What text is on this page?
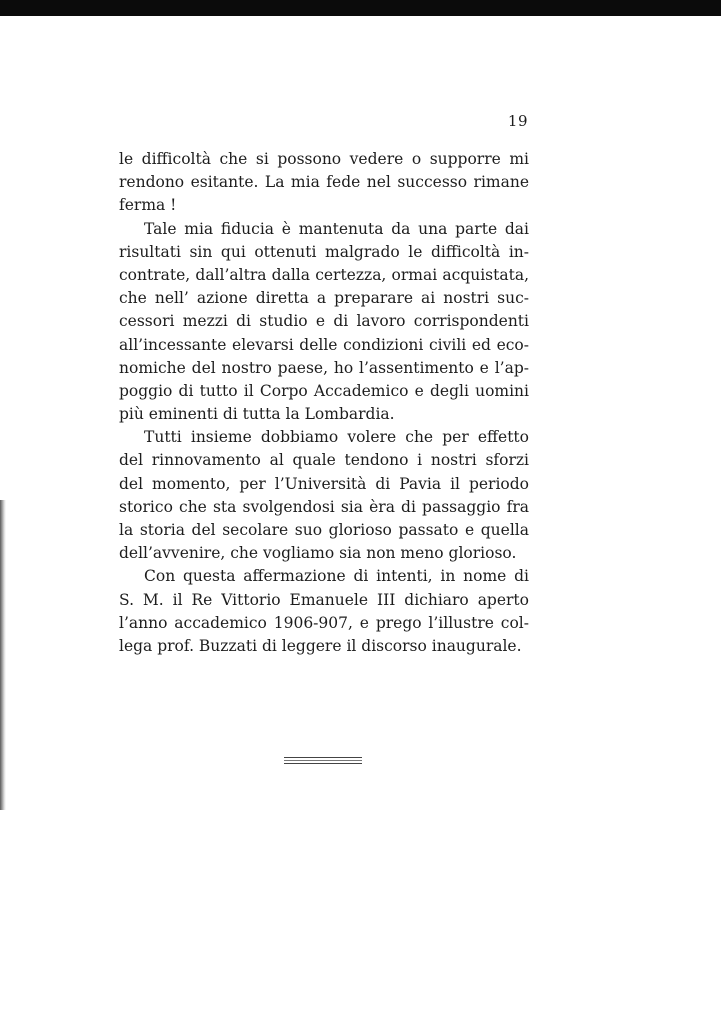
19
le difficoltà che si possono vedere o supporre mi
rendono esitante. La mia fede nel successo rimane
ferma !
Tale mia fiducia è mantenuta da una parte dai
risultati sin qui ottenuti malgrado le difficoltà in-
contrate, dall’altra dalla certezza, ormai acquistata,
che nell’ azione diretta a preparare ai nostri suc-
cessori mezzi di studio e di lavoro corrispondenti
all’incessante elevarsi delle condizioni civili ed eco-
nomiche del nostro paese, ho l’assentimento e l’ap-
poggio di tutto il Corpo Accademico e degli uomini
più eminenti di tutta la Lombardia.
Tutti insieme dobbiamo volere che per effetto
del rinnovamento al quale tendono i nostri sforzi
del momento, per l’Università di Pavia il periodo
storico che sta svolgendosi sia èra di passaggio fra
la storia del secolare suo glorioso passato e quella
dell’avvenire, che vogliamo sia non meno glorioso.
Con questa affermazione di intenti, in nome di
S. M. il Re Vittorio Emanuele III dichiaro aperto
l’anno accademico 1906-907, e prego l’illustre col-
lega prof. Buzzati di leggere il discorso inaugurale.
